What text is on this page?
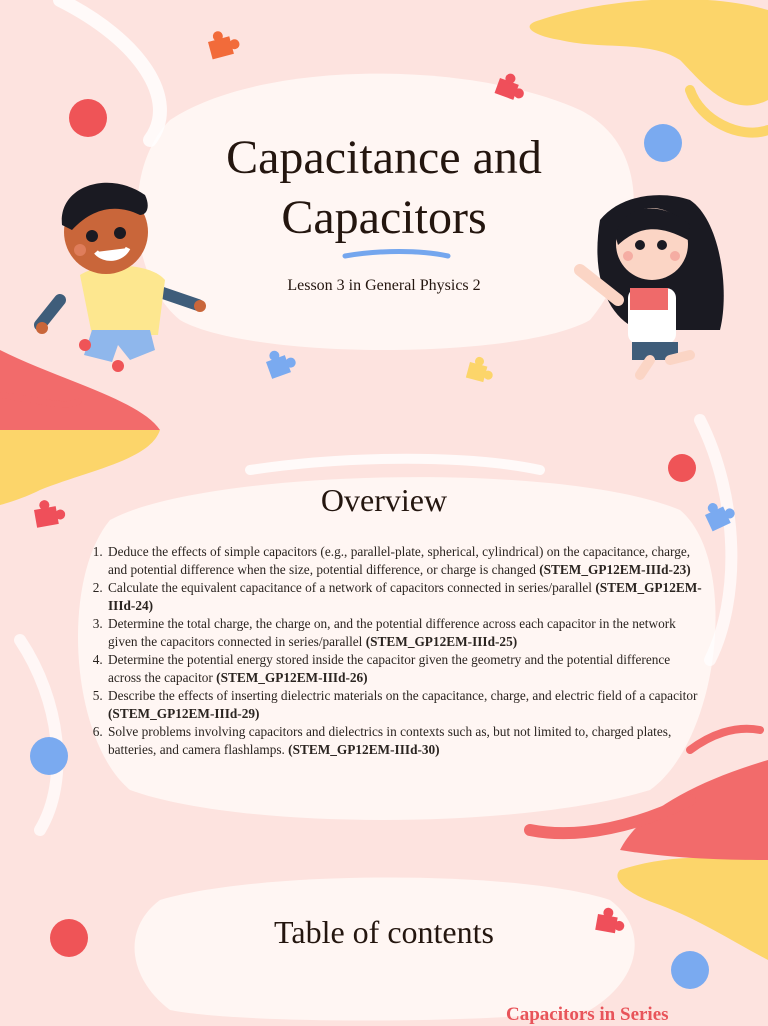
Capacitance and
Capacitors
Lesson 3 in General Physics 2
Overview
1. Deduce the effects of simple capacitors (e.g., parallel-plate, spherical, cylindrical) on the capacitance, charge, and potential difference when the size, potential difference, or charge is changed (STEM_GP12EM-IIId-23)
2. Calculate the equivalent capacitance of a network of capacitors connected in series/parallel (STEM_GP12EM-IIId-24)
3. Determine the total charge, the charge on, and the potential difference across each capacitor in the network given the capacitors connected in series/parallel (STEM_GP12EM-IIId-25)
4. Determine the potential energy stored inside the capacitor given the geometry and the potential difference across the capacitor (STEM_GP12EM-IIId-26)
5. Describe the effects of inserting dielectric materials on the capacitance, charge, and electric field of a capacitor (STEM_GP12EM-IIId-29)
6. Solve problems involving capacitors and dielectrics in contexts such as, but not limited to, charged plates, batteries, and camera flashlamps. (STEM_GP12EM-IIId-30)
Table of contents
Capacitors in Series
